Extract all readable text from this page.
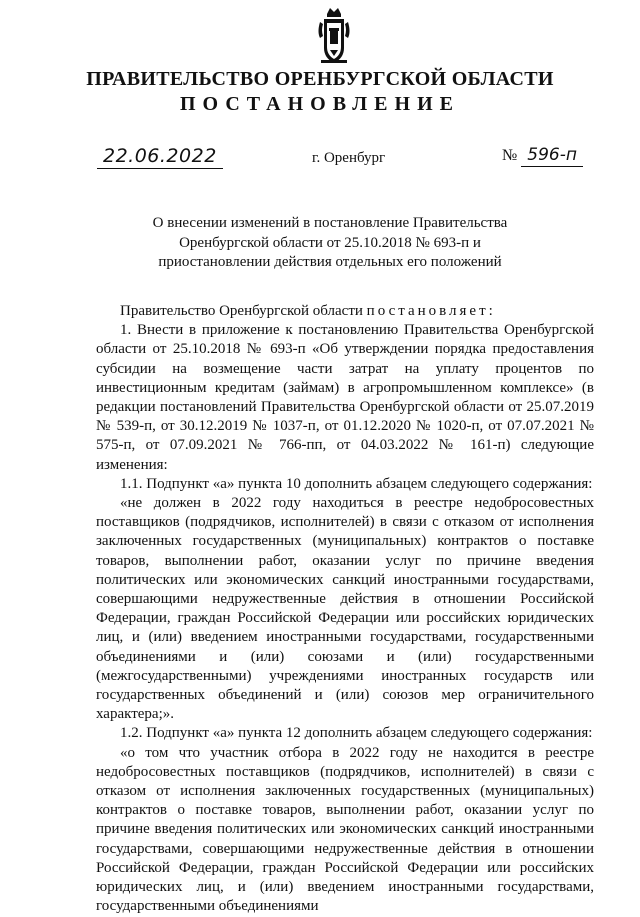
ПРАВИТЕЛЬСТВО ОРЕНБУРГСКОЙ ОБЛАСТИ
ПОСТАНОВЛЕНИЕ
22.06.2022	г. Оренбург	№ 596-п
О внесении изменений в постановление Правительства
Оренбургской области от 25.10.2018 № 693-п и
приостановлении действия отдельных его положений

Правительство Оренбургской области постановляет:

1. Внести в приложение к постановлению Правительства Оренбургской области от 25.10.2018 № 693-п «Об утверждении порядка предоставления субсидии на возмещение части затрат на уплату процентов по инвестиционным кредитам (займам) в агропромышленном комплексе» (в редакции постановлений Правительства Оренбургской области от 25.07.2019 № 539-п, от 30.12.2019 № 1037-п, от 01.12.2020 № 1020-п, от 07.07.2021 № 575-п, от 07.09.2021 № 766-пп, от 04.03.2022 № 161-п) следующие изменения:

1.1. Подпункт «а» пункта 10 дополнить абзацем следующего содержания:

«не должен в 2022 году находиться в реестре недобросовестных поставщиков (подрядчиков, исполнителей) в связи с отказом от исполнения заключенных государственных (муниципальных) контрактов о поставке товаров, выполнении работ, оказании услуг по причине введения политических или экономических санкций иностранными государствами, совершающими недружественные действия в отношении Российской Федерации, граждан Российской Федерации или российских юридических лиц, и (или) введением иностранными государствами, государственными объединениями и (или) союзами и (или) государственными (межгосударственными) учреждениями иностранных государств или государственных объединений и (или) союзов мер ограничительного характера;».

1.2. Подпункт «а» пункта 12 дополнить абзацем следующего содержания:

«о том что участник отбора в 2022 году не находится в реестре недобросовестных поставщиков (подрядчиков, исполнителей) в связи с отказом от исполнения заключенных государственных (муниципальных) контрактов о поставке товаров, выполнении работ, оказании услуг по причине введения политических или экономических санкций иностранными государствами, совершающими недружественные действия в отношении Российской Федерации, граждан Российской Федерации или российских юридических лиц, и (или) введением иностранными государствами, государственными объединениями
